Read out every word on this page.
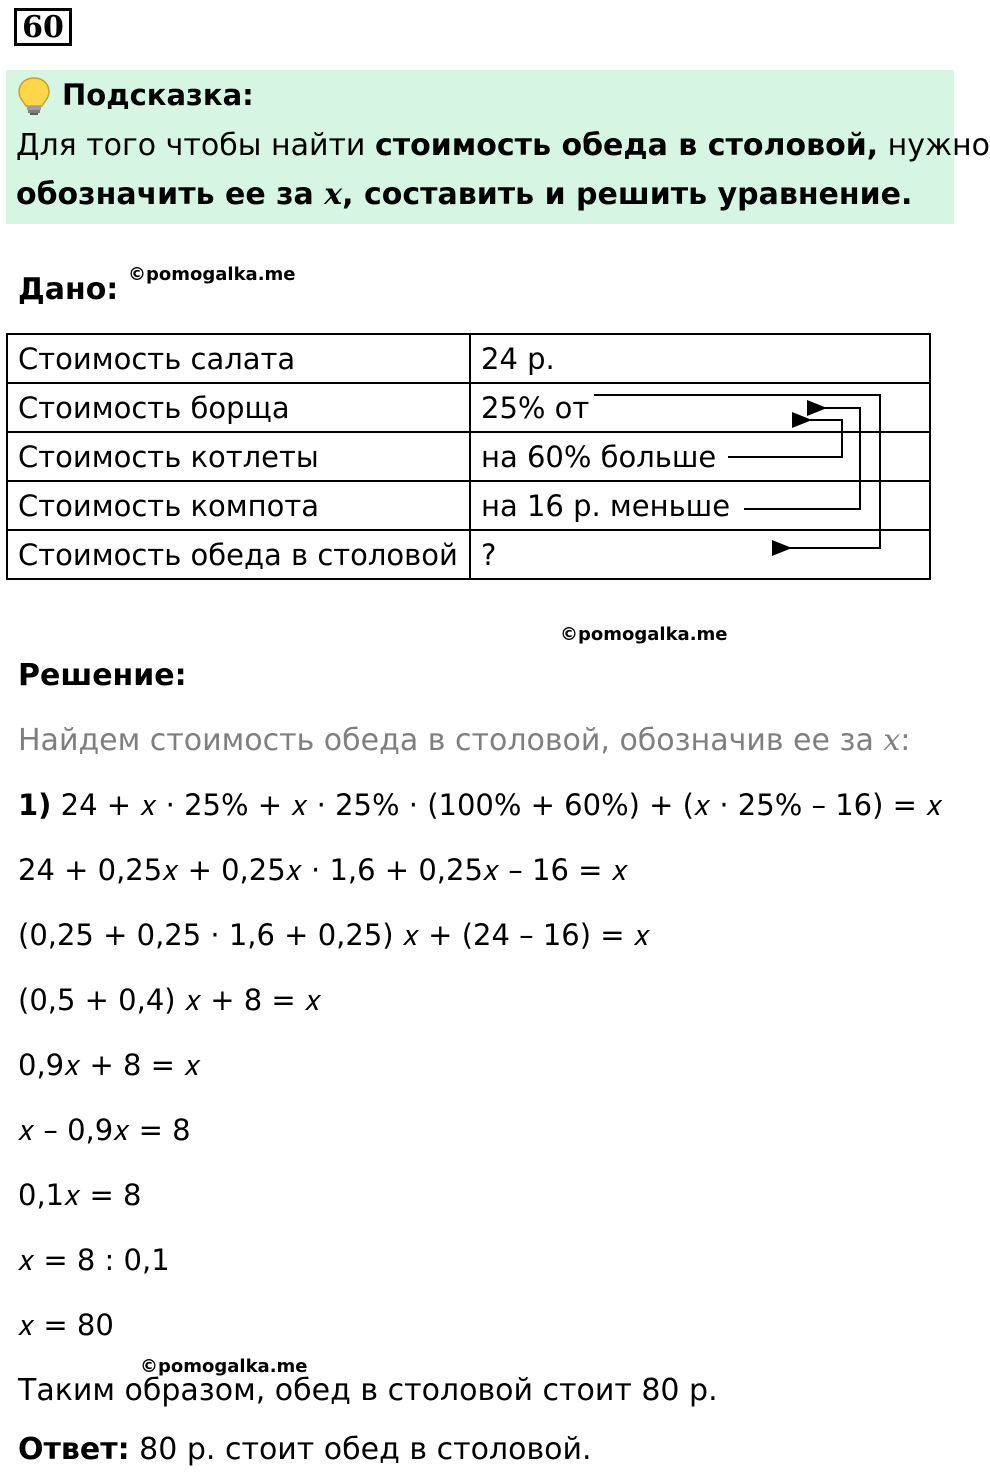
60
Подсказка:
Для того чтобы найти стоимость обеда в столовой, нужно
обозначить ее за x, составить и решить уравнение.
Дано: ©pomogalka.me
Стоимость салата	24 р.
Стоимость борща	25% от
Стоимость котлеты	на 60% больше
Стоимость компота	на 16 р. меньше
Стоимость обеда в столовой	?
©pomogalka.me
Решение:
Найдем стоимость обеда в столовой, обозначив ее за x:
1) 24 + 𝑥 · 25% + 𝑥 · 25% · (100% + 60%) + (𝑥 · 25% – 16) = 𝑥
24 + 0,25𝑥 + 0,25𝑥 · 1,6 + 0,25𝑥 – 16 = 𝑥
(0,25 + 0,25 · 1,6 + 0,25) 𝑥 + (24 – 16) = 𝑥
(0,5 + 0,4) 𝑥 + 8 = 𝑥
0,9𝑥 + 8 = 𝑥
𝑥 – 0,9𝑥 = 8
0,1𝑥 = 8
𝑥 = 8 : 0,1
𝑥 = 80
©pomogalka.me
Таким образом, обед в столовой стоит 80 р.
Ответ: 80 р. стоит обед в столовой.
